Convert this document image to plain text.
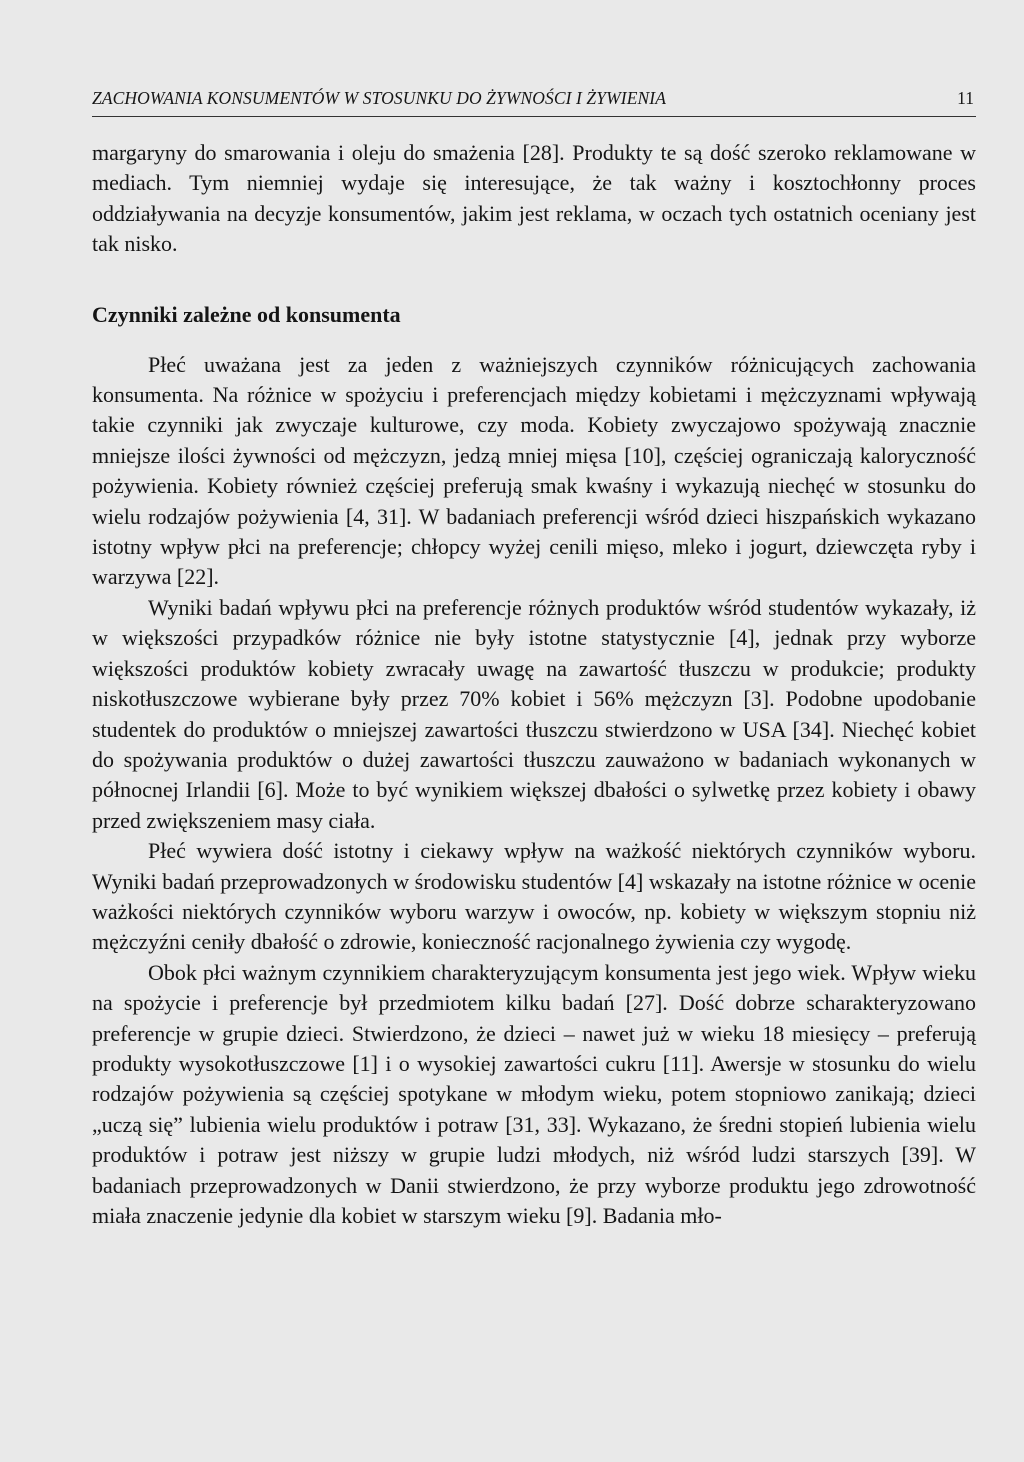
ZACHOWANIA KONSUMENTÓW W STOSUNKU DO ŻYWNOŚCI I ŻYWIENIA	11

margaryny do smarowania i oleju do smażenia [28]. Produkty te są dość szeroko reklamowane w mediach. Tym niemniej wydaje się interesujące, że tak ważny i kosztochłonny proces oddziaływania na decyzje konsumentów, jakim jest reklama, w oczach tych ostatnich oceniany jest tak nisko.

Czynniki zależne od konsumenta

Płeć uważana jest za jeden z ważniejszych czynników różnicujących zachowania konsumenta. Na różnice w spożyciu i preferencjach między kobietami i mężczyznami wpływają takie czynniki jak zwyczaje kulturowe, czy moda. Kobiety zwyczajowo spożywają znacznie mniejsze ilości żywności od mężczyzn, jedzą mniej mięsa [10], częściej ograniczają kaloryczność pożywienia. Kobiety również częściej preferują smak kwaśny i wykazują niechęć w stosunku do wielu rodzajów pożywienia [4, 31]. W badaniach preferencji wśród dzieci hiszpańskich wykazano istotny wpływ płci na preferencje; chłopcy wyżej cenili mięso, mleko i jogurt, dziewczęta ryby i warzywa [22].

Wyniki badań wpływu płci na preferencje różnych produktów wśród studentów wykazały, iż w większości przypadków różnice nie były istotne statystycznie [4], jednak przy wyborze większości produktów kobiety zwracały uwagę na zawartość tłuszczu w produkcie; produkty niskotłuszczowe wybierane były przez 70% kobiet i 56% mężczyzn [3]. Podobne upodobanie studentek do produktów o mniejszej zawartości tłuszczu stwierdzono w USA [34]. Niechęć kobiet do spożywania produktów o dużej zawartości tłuszczu zauważono w badaniach wykonanych w północnej Irlandii [6]. Może to być wynikiem większej dbałości o sylwetkę przez kobiety i obawy przed zwiększeniem masy ciała.

Płeć wywiera dość istotny i ciekawy wpływ na ważkość niektórych czynników wyboru. Wyniki badań przeprowadzonych w środowisku studentów [4] wskazały na istotne różnice w ocenie ważkości niektórych czynników wyboru warzyw i owoców, np. kobiety w większym stopniu niż mężczyźni ceniły dbałość o zdrowie, konieczność racjonalnego żywienia czy wygodę.

Obok płci ważnym czynnikiem charakteryzującym konsumenta jest jego wiek. Wpływ wieku na spożycie i preferencje był przedmiotem kilku badań [27]. Dość dobrze scharakteryzowano preferencje w grupie dzieci. Stwierdzono, że dzieci – nawet już w wieku 18 miesięcy – preferują produkty wysokotłuszczowe [1] i o wysokiej zawartości cukru [11]. Awersje w stosunku do wielu rodzajów pożywienia są częściej spotykane w młodym wieku, potem stopniowo zanikają; dzieci „uczą się” lubienia wielu produktów i potraw [31, 33]. Wykazano, że średni stopień lubienia wielu produktów i potraw jest niższy w grupie ludzi młodych, niż wśród ludzi starszych [39]. W badaniach przeprowadzonych w Danii stwierdzono, że przy wyborze produktu jego zdrowotność miała znaczenie jedynie dla kobiet w starszym wieku [9]. Badania mło-
